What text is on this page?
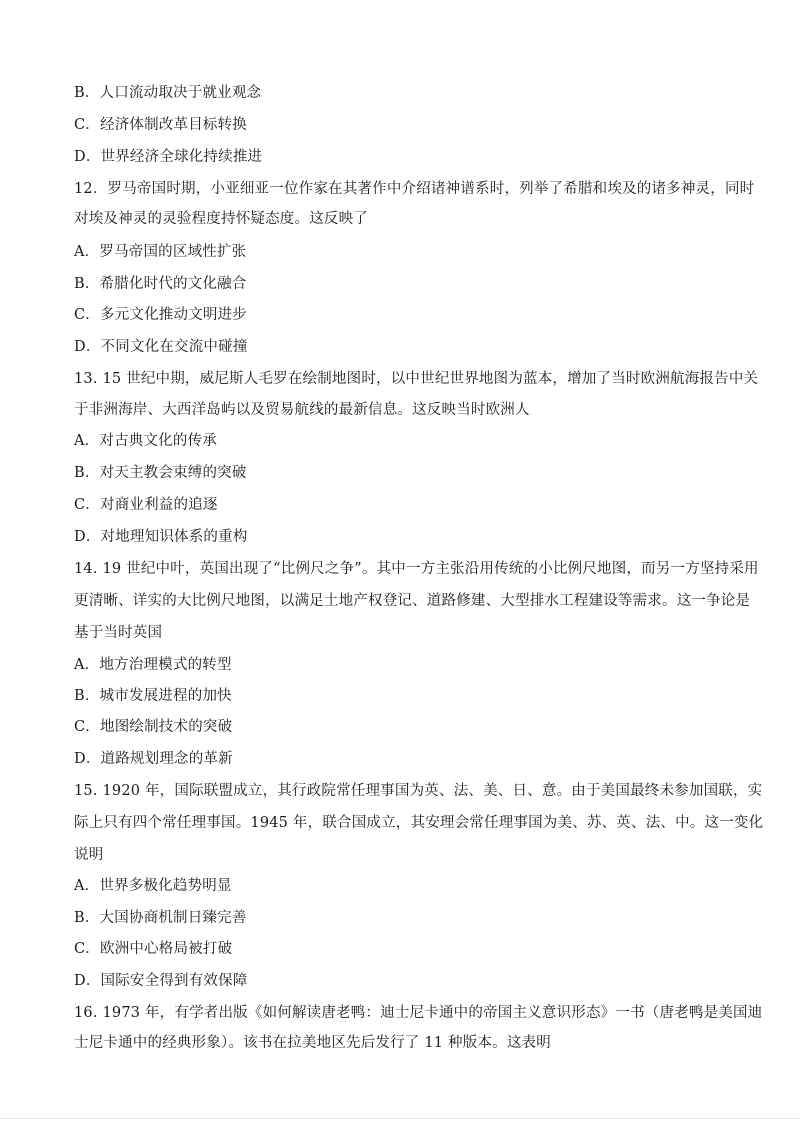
B．人口流动取决于就业观念
C．经济体制改革目标转换
D．世界经济全球化持续推进
12．罗马帝国时期，小亚细亚一位作家在其著作中介绍诸神谱系时，列举了希腊和埃及的诸多神灵，同时
对埃及神灵的灵验程度持怀疑态度。这反映了
A．罗马帝国的区域性扩张
B．希腊化时代的文化融合
C．多元文化推动文明进步
D．不同文化在交流中碰撞
13. 15 世纪中期，威尼斯人毛罗在绘制地图时，以中世纪世界地图为蓝本，增加了当时欧洲航海报告中关
于非洲海岸、大西洋岛屿以及贸易航线的最新信息。这反映当时欧洲人
A．对古典文化的传承
B．对天主教会束缚的突破
C．对商业利益的追逐
D．对地理知识体系的重构
14. 19 世纪中叶，英国出现了“比例尺之争”。其中一方主张沿用传统的小比例尺地图，而另一方坚持采用
更清晰、详实的大比例尺地图，以满足土地产权登记、道路修建、大型排水工程建设等需求。这一争论是
基于当时英国
A．地方治理模式的转型
B．城市发展进程的加快
C．地图绘制技术的突破
D．道路规划理念的革新
15. 1920 年，国际联盟成立，其行政院常任理事国为英、法、美、日、意。由于美国最终未参加国联，实
际上只有四个常任理事国。1945 年，联合国成立，其安理会常任理事国为美、苏、英、法、中。这一变化
说明
A．世界多极化趋势明显
B．大国协商机制日臻完善
C．欧洲中心格局被打破
D．国际安全得到有效保障
16. 1973 年，有学者出版《如何解读唐老鸭：迪士尼卡通中的帝国主义意识形态》一书（唐老鸭是美国迪
士尼卡通中的经典形象）。该书在拉美地区先后发行了 11 种版本。这表明
